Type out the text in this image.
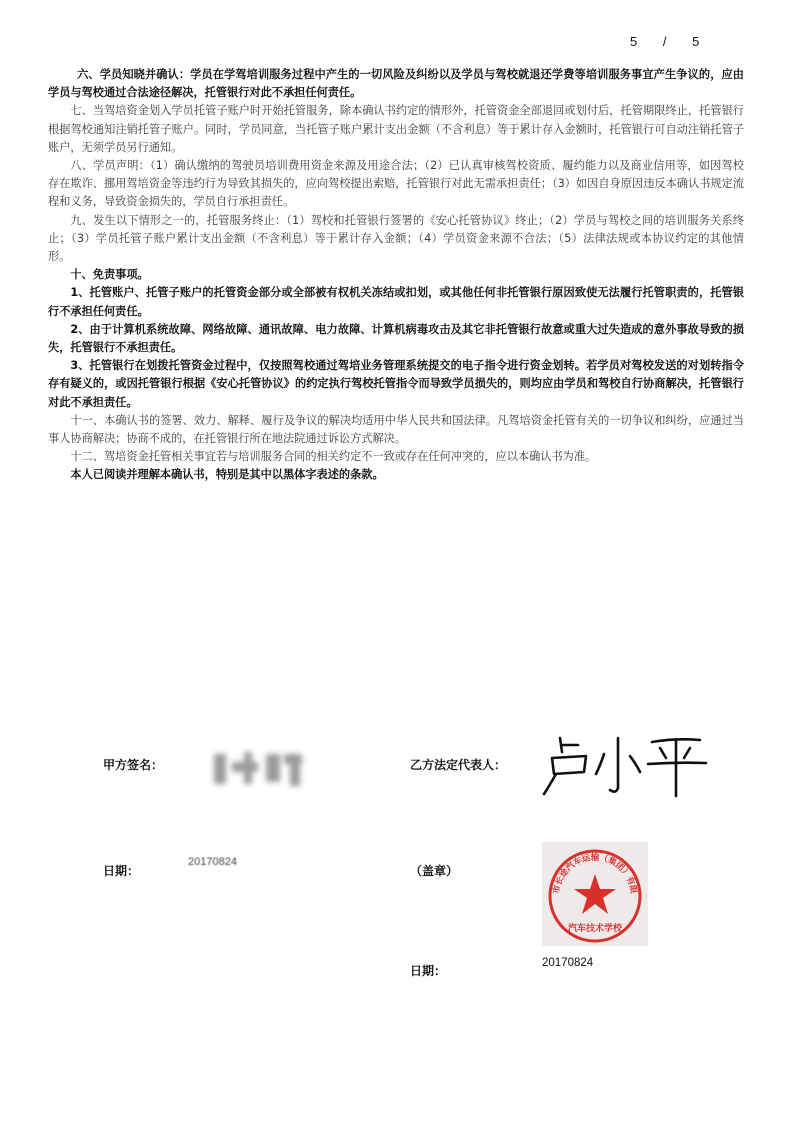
5 / 5

六、学员知晓并确认：学员在学驾培训服务过程中产生的一切风险及纠纷以及学员与驾校就退还学费等培训服务事宜产生争议的，应由学员与驾校通过合法途径解决，托管银行对此不承担任何责任。

七、当驾培资金划入学员托管子账户时开始托管服务，除本确认书约定的情形外，托管资金全部退回或划付后，托管期限终止，托管银行根据驾校通知注销托管子账户。同时，学员同意，当托管子账户累计支出金额（不含利息）等于累计存入金额时，托管银行可自动注销托管子账户，无须学员另行通知。

八、学员声明：（1）确认缴纳的驾驶员培训费用资金来源及用途合法；（2）已认真审核驾校资质、履约能力以及商业信用等，如因驾校存在欺诈、挪用驾培资金等违约行为导致其损失的，应向驾校提出索赔，托管银行对此无需承担责任；（3）如因自身原因违反本确认书规定流程和义务，导致资金损失的，学员自行承担责任。

九、发生以下情形之一的，托管服务终止：（1）驾校和托管银行签署的《安心托管协议》终止；（2）学员与驾校之间的培训服务关系终止；（3）学员托管子账户累计支出金额（不含利息）等于累计存入金额；（4）学员资金来源不合法；（5）法律法规或本协议约定的其他情形。

十、免责事项。

1、托管账户、托管子账户的托管资金部分或全部被有权机关冻结或扣划，或其他任何非托管银行原因致使无法履行托管职责的，托管银行不承担任何责任。

2、由于计算机系统故障、网络故障、通讯故障、电力故障、计算机病毒攻击及其它非托管银行故意或重大过失造成的意外事故导致的损失，托管银行不承担责任。

3、托管银行在划拨托管资金过程中，仅按照驾校通过驾培业务管理系统提交的电子指令进行资金划转。若学员对驾校发送的对划转指令存有疑义的，或因托管银行根据《安心托管协议》的约定执行驾校托管指令而导致学员损失的，则均应由学员和驾校自行协商解决，托管银行对此不承担责任。

十一、本确认书的签署、效力、解释、履行及争议的解决均适用中华人民共和国法律。凡驾培资金托管有关的一切争议和纠纷，应通过当事人协商解决；协商不成的，在托管银行所在地法院通过诉讼方式解决。

十二、驾培资金托管相关事宜若与培训服务合同的相关约定不一致或存在任何冲突的，应以本确认书为准。

本人已阅读并理解本确认书，特别是其中以黑体字表述的条款。

甲方签名：
日期：
20170824
乙方法定代表人：
（盖章）
市长途汽车运输（集团）有限
汽车技术学校
日期：
20170824
